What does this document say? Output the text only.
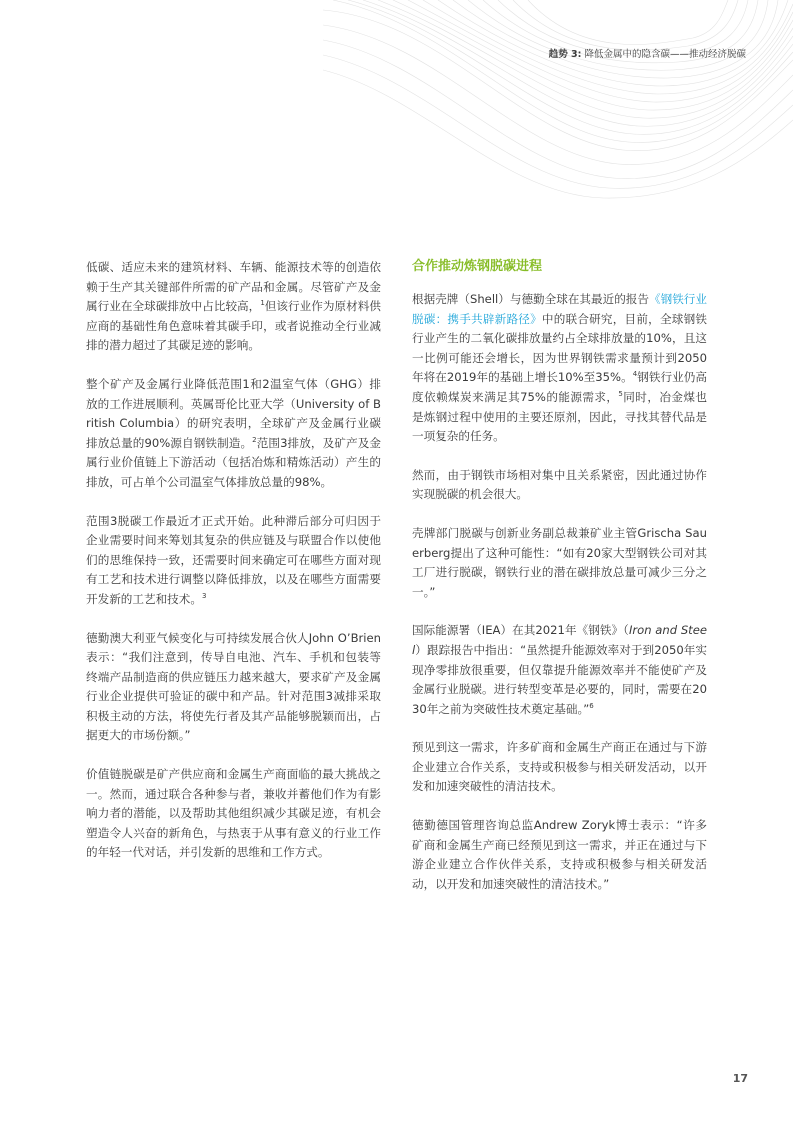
趋势 3: 降低金属中的隐含碳——推动经济脱碳

低碳、适应未来的建筑材料、车辆、能源技术等的创造依赖于生产其关键部件所需的矿产品和金属。尽管矿产及金属行业在全球碳排放中占比较高，$^1$但该行业作为原材料供应商的基础性角色意味着其碳手印，或者说推动全行业减排的潜力超过了其碳足迹的影响。

整个矿产及金属行业降低范围1和2温室气体（GHG）排放的工作进展顺利。英属哥伦比亚大学（University of British Columbia）的研究表明，全球矿产及金属行业碳排放总量的90%源自钢铁制造。$^2$范围3排放，及矿产及金属行业价值链上下游活动（包括冶炼和精炼活动）产生的排放，可占单个公司温室气体排放总量的98%。

范围3脱碳工作最近才正式开始。此种滞后部分可归因于企业需要时间来筹划其复杂的供应链及与联盟合作以使他们的思维保持一致，还需要时间来确定可在哪些方面对现有工艺和技术进行调整以降低排放，以及在哪些方面需要开发新的工艺和技术。$^3$

德勤澳大利亚气候变化与可持续发展合伙人John O’Brien表示：“我们注意到，传导自电池、汽车、手机和包装等终端产品制造商的供应链压力越来越大，要求矿产及金属行业企业提供可验证的碳中和产品。针对范围3减排采取积极主动的方法，将使先行者及其产品能够脱颖而出，占据更大的市场份额。”

价值链脱碳是矿产供应商和金属生产商面临的最大挑战之一。然而，通过联合各种参与者，兼收并蓄他们作为有影响力者的潜能，以及帮助其他组织减少其碳足迹，有机会塑造令人兴奋的新角色，与热衷于从事有意义的行业工作的年轻一代对话，并引发新的思维和工作方式。

合作推动炼钢脱碳进程

根据壳牌（Shell）与德勤全球在其最近的报告《钢铁行业脱碳：携手共辟新路径》中的联合研究，目前，全球钢铁行业产生的二氧化碳排放量约占全球排放量的10%，且这一比例可能还会增长，因为世界钢铁需求量预计到2050年将在2019年的基础上增长10%至35%。$^4$钢铁行业仍高度依赖煤炭来满足其75%的能源需求，$^5$同时，冶金煤也是炼钢过程中使用的主要还原剂，因此，寻找其替代品是一项复杂的任务。

然而，由于钢铁市场相对集中且关系紧密，因此通过协作实现脱碳的机会很大。

壳牌部门脱碳与创新业务副总裁兼矿业主管Grischa Sauerberg提出了这种可能性：“如有20家大型钢铁公司对其工厂进行脱碳，钢铁行业的潜在碳排放总量可减少三分之一。”

国际能源署（IEA）在其2021年《钢铁》（Iron and Steel）跟踪报告中指出：“虽然提升能源效率对于到2050年实现净零排放很重要，但仅靠提升能源效率并不能使矿产及金属行业脱碳。进行转型变革是必要的，同时，需要在2030年之前为突破性技术奠定基础。”$^6$

预见到这一需求，许多矿商和金属生产商正在通过与下游企业建立合作关系，支持或积极参与相关研发活动，以开发和加速突破性的清洁技术。

德勤德国管理咨询总监Andrew Zoryk博士表示：“许多矿商和金属生产商已经预见到这一需求，并正在通过与下游企业建立合作伙伴关系，支持或积极参与相关研发活动，以开发和加速突破性的清洁技术。”

17
